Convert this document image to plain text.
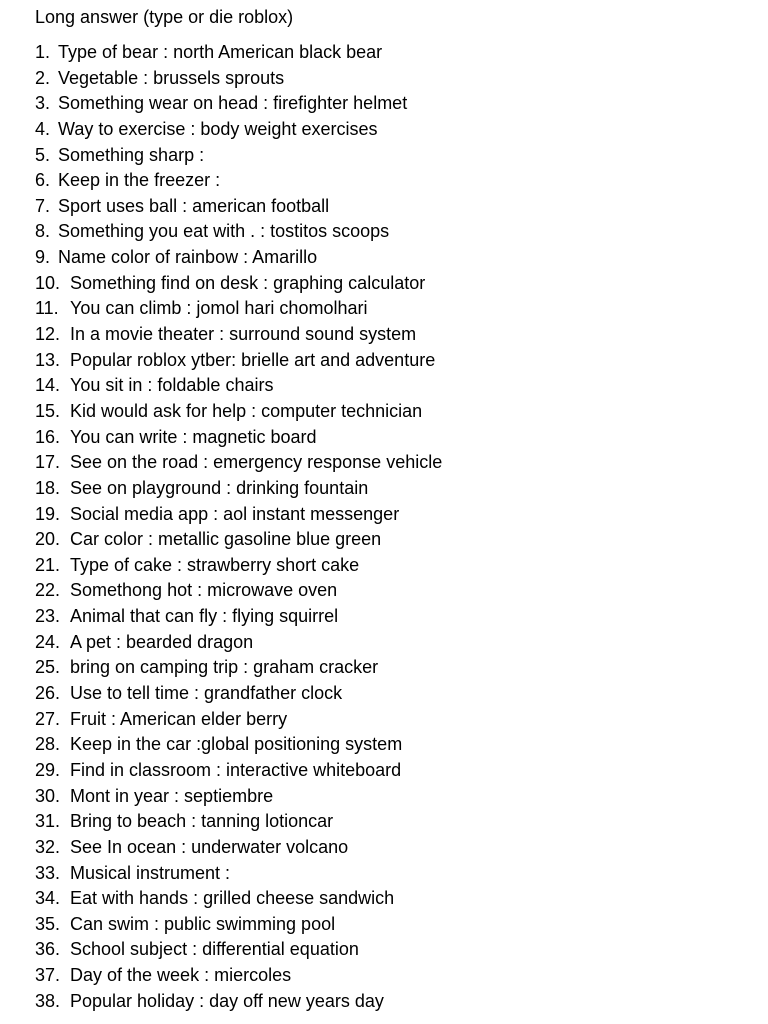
Long answer (type or die roblox)
1. Type of bear : north American black bear
2. Vegetable : brussels sprouts
3. Something wear on head : firefighter helmet
4. Way to exercise : body weight exercises
5. Something sharp :
6. Keep in the freezer :
7. Sport uses ball : american football
8. Something you eat with . : tostitos scoops
9. Name color of rainbow : Amarillo
10. Something find on desk : graphing calculator
11. You can climb : jomol hari chomolhari
12. In a movie theater : surround sound system
13. Popular roblox ytber: brielle art and adventure
14. You sit in : foldable chairs
15. Kid would ask for help : computer technician
16. You can write : magnetic board
17. See on the road : emergency response vehicle
18. See on playground : drinking fountain
19. Social media app : aol instant messenger
20. Car color : metallic gasoline blue green
21. Type of cake : strawberry short cake
22. Somethong hot : microwave oven
23. Animal that can fly : flying squirrel
24. A pet : bearded dragon
25. bring on camping trip : graham cracker
26. Use to tell time : grandfather clock
27. Fruit : American elder berry
28. Keep in the car :global positioning system
29. Find in classroom : interactive whiteboard
30. Mont in year : septiembre
31. Bring to beach : tanning lotioncar
32. See In ocean : underwater volcano
33. Musical instrument :
34. Eat with hands : grilled cheese sandwich
35. Can swim : public swimming pool
36. School subject : differential equation
37. Day of the week : miercoles
38. Popular holiday : day off new years day
